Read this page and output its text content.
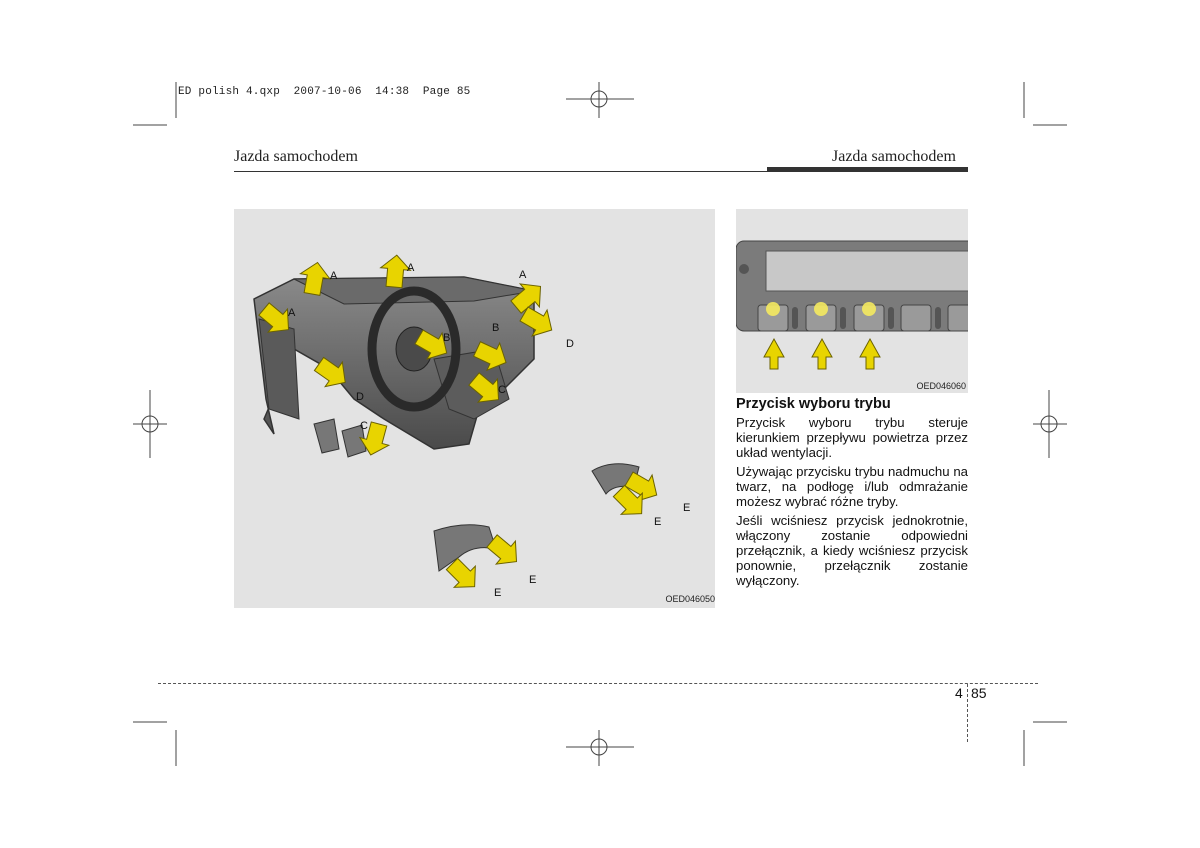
ED polish 4.qxp  2007-10-06  14:38  Page 85
Jazda samochodem	Jazda samochodem
A
A
A
A
B
B
C
C
D
D
E
E
E
E	OED046050
OED046060
Przycisk wyboru trybu

Przycisk wyboru trybu steruje kierunkiem przepływu powietrza przez układ wentylacji.

Używając przycisku trybu nadmuchu na twarz, na podłogę i/lub odmrażanie możesz wybrać różne tryby.

Jeśli wciśniesz przycisk jednokrotnie, włączony zostanie odpowiedni przełącznik, a kiedy wciśniesz przycisk ponownie, przełącznik zostanie wyłączony.

4 85
